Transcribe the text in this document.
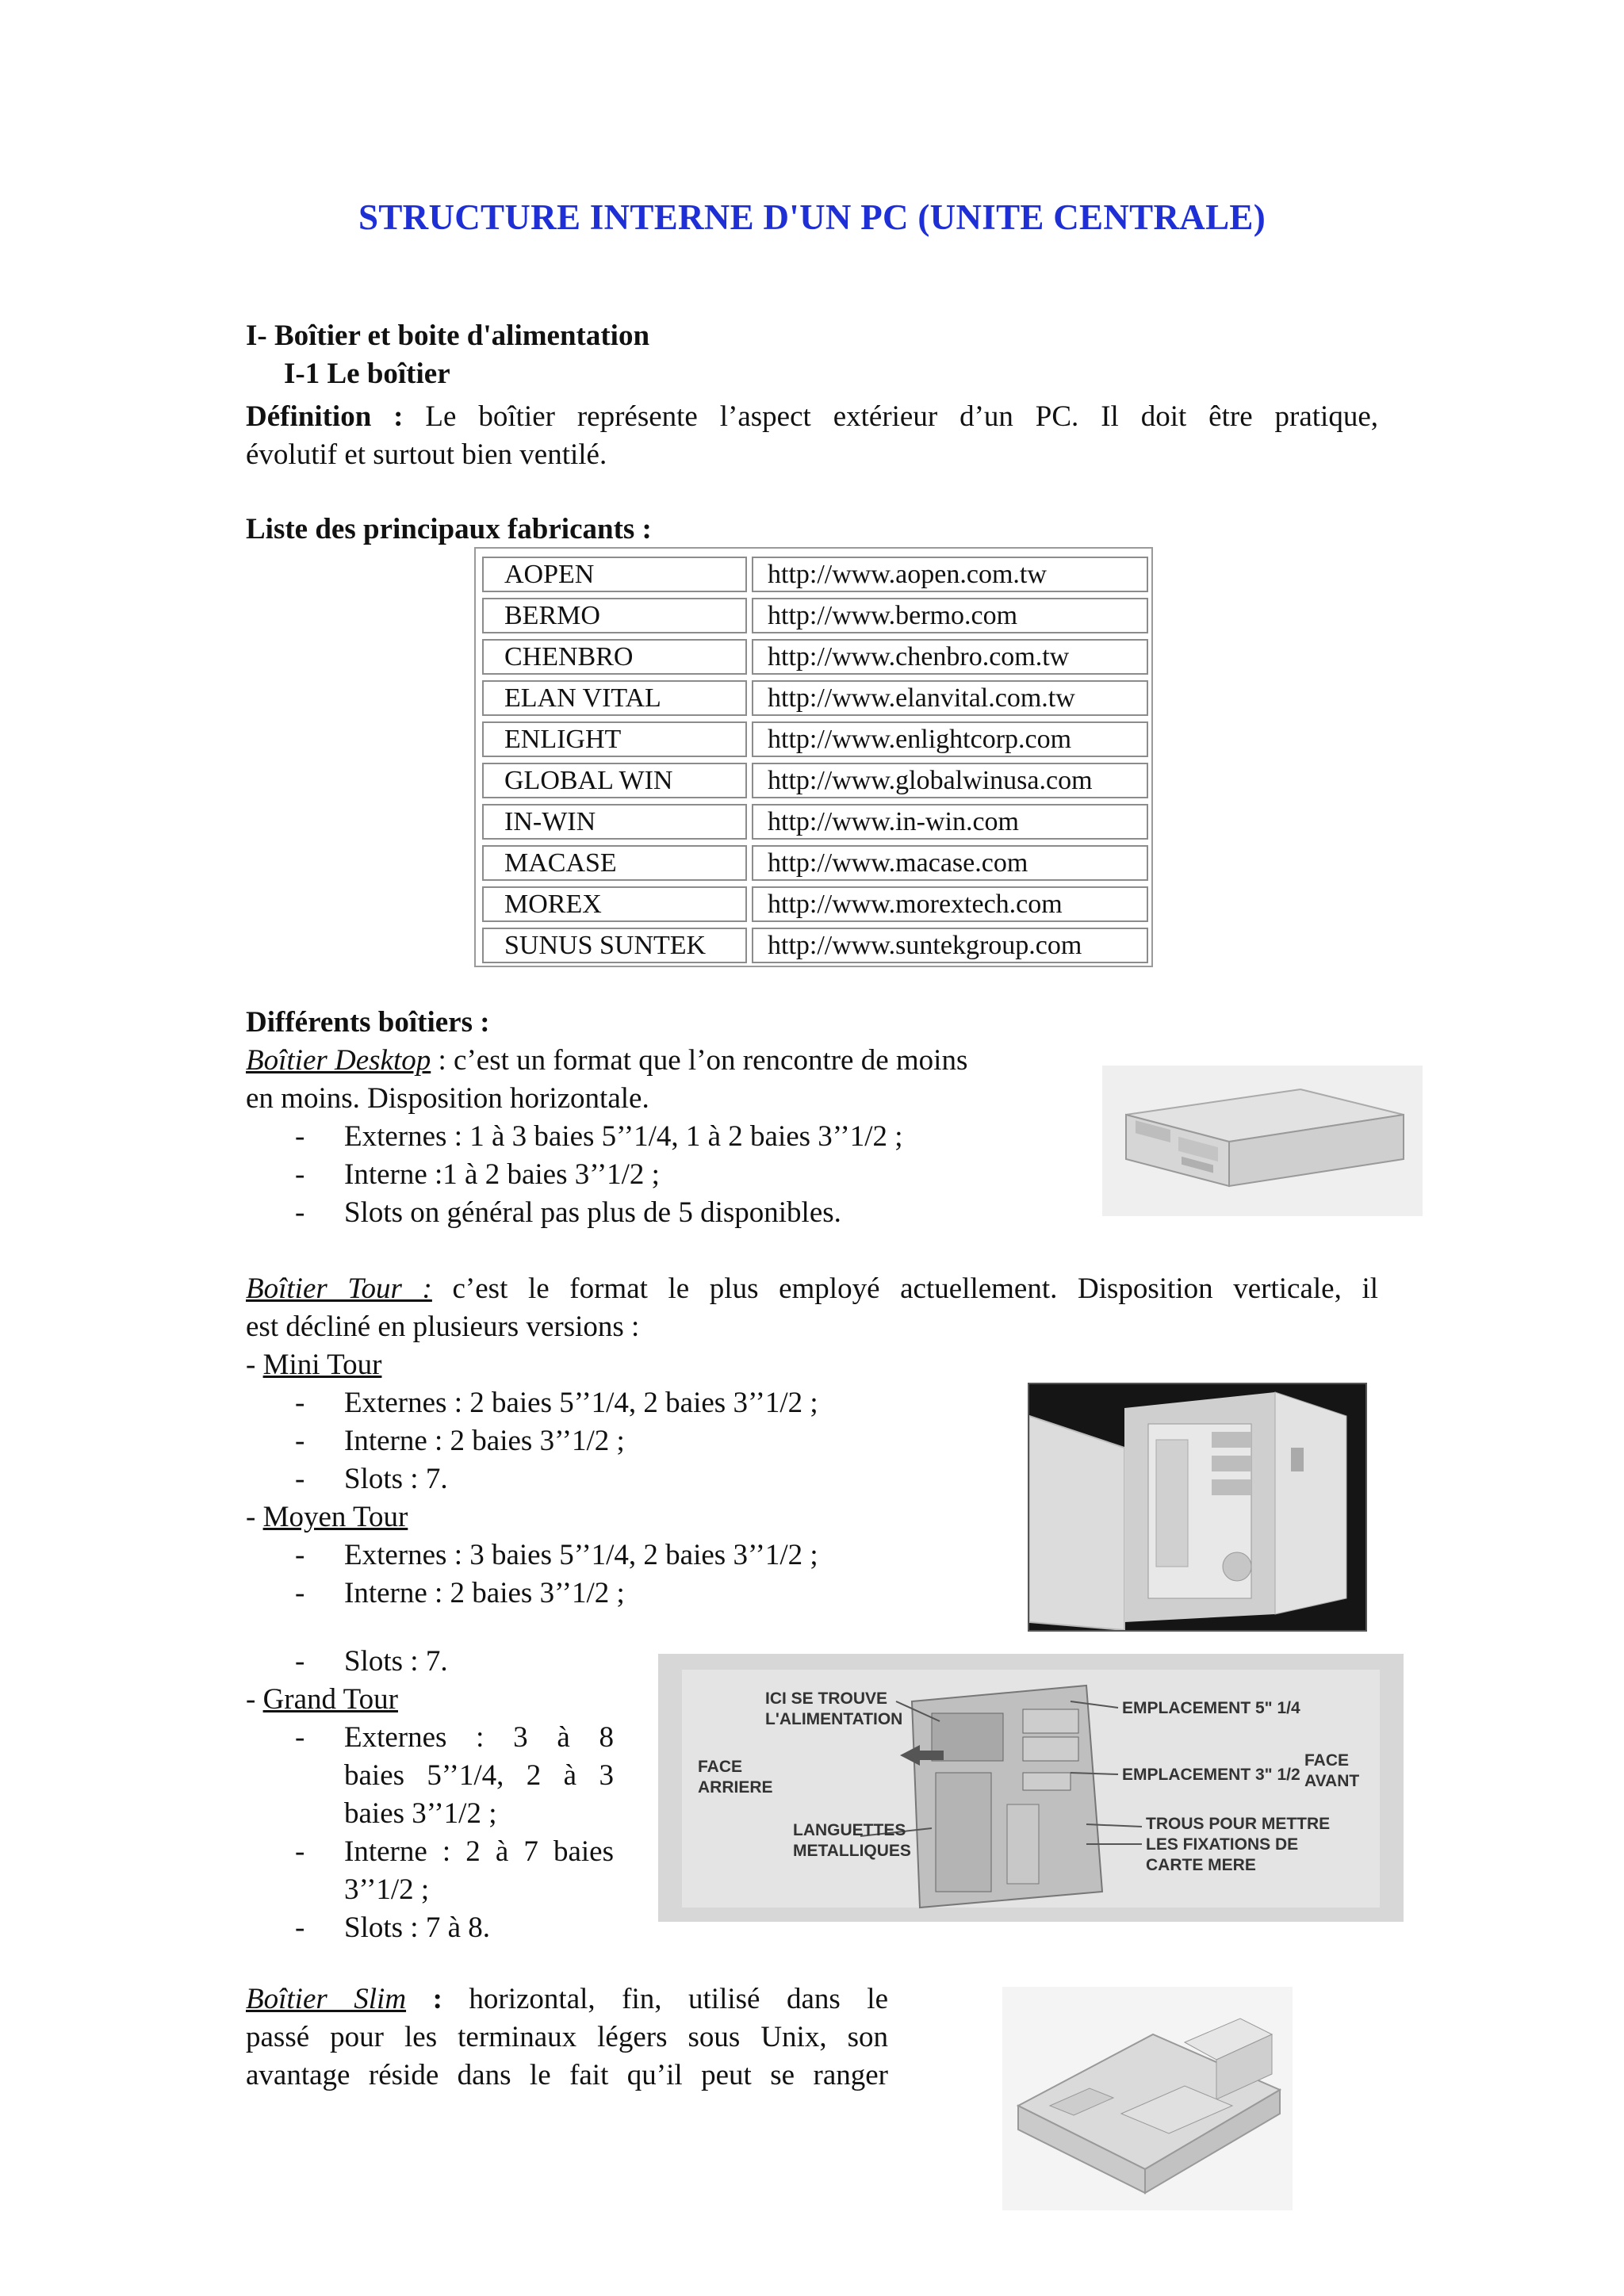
STRUCTURE INTERNE D'UN PC (UNITE CENTRALE)
I- Boîtier et boite d'alimentation
I-1 Le boîtier
Définition : Le boîtier représente l’aspect extérieur d’un PC. Il doit être pratique,
évolutif et surtout bien ventilé.
Liste des principaux fabricants :
AOPEN	http://www.aopen.com.tw
BERMO	http://www.bermo.com
CHENBRO	http://www.chenbro.com.tw
ELAN VITAL	http://www.elanvital.com.tw
ENLIGHT	http://www.enlightcorp.com
GLOBAL WIN	http://www.globalwinusa.com
IN-WIN	http://www.in-win.com
MACASE	http://www.macase.com
MOREX	http://www.morextech.com
SUNUS SUNTEK	http://www.suntekgroup.com
Différents boîtiers :
Boîtier Desktop : c’est un format que l’on rencontre de moins
en moins. Disposition horizontale.
- Externes : 1 à 3 baies 5’’1/4, 1 à 2 baies 3’’1/2 ;
- Interne :1 à 2 baies 3’’1/2 ;
- Slots on général pas plus de 5 disponibles.
Boîtier Tour : c’est le format le plus employé actuellement. Disposition verticale, il
est décliné en plusieurs versions :
- Mini Tour
- Externes : 2 baies 5’’1/4, 2 baies 3’’1/2 ;
- Interne : 2 baies 3’’1/2 ;
- Slots : 7.
- Moyen Tour
- Externes : 3 baies 5’’1/4, 2 baies 3’’1/2 ;
- Interne : 2 baies 3’’1/2 ;
- Slots : 7.
- Grand Tour
- Externes : 3 à 8
baies 5’’1/4, 2 à 3
baies 3’’1/2 ;
- Interne : 2 à 7 baies
3’’1/2 ;
- Slots : 7 à 8.
ICI SE TROUVE
L'ALIMENTATION
FACE
ARRIERE
LANGUETTES
METALLIQUES
EMPLACEMENT 5" 1/4
EMPLACEMENT 3" 1/2
FACE
AVANT
TROUS POUR METTRE
LES FIXATIONS DE
CARTE MERE
Boîtier Slim : horizontal, fin, utilisé dans le
passé pour les terminaux légers sous Unix, son
avantage réside dans le fait qu’il peut se ranger
